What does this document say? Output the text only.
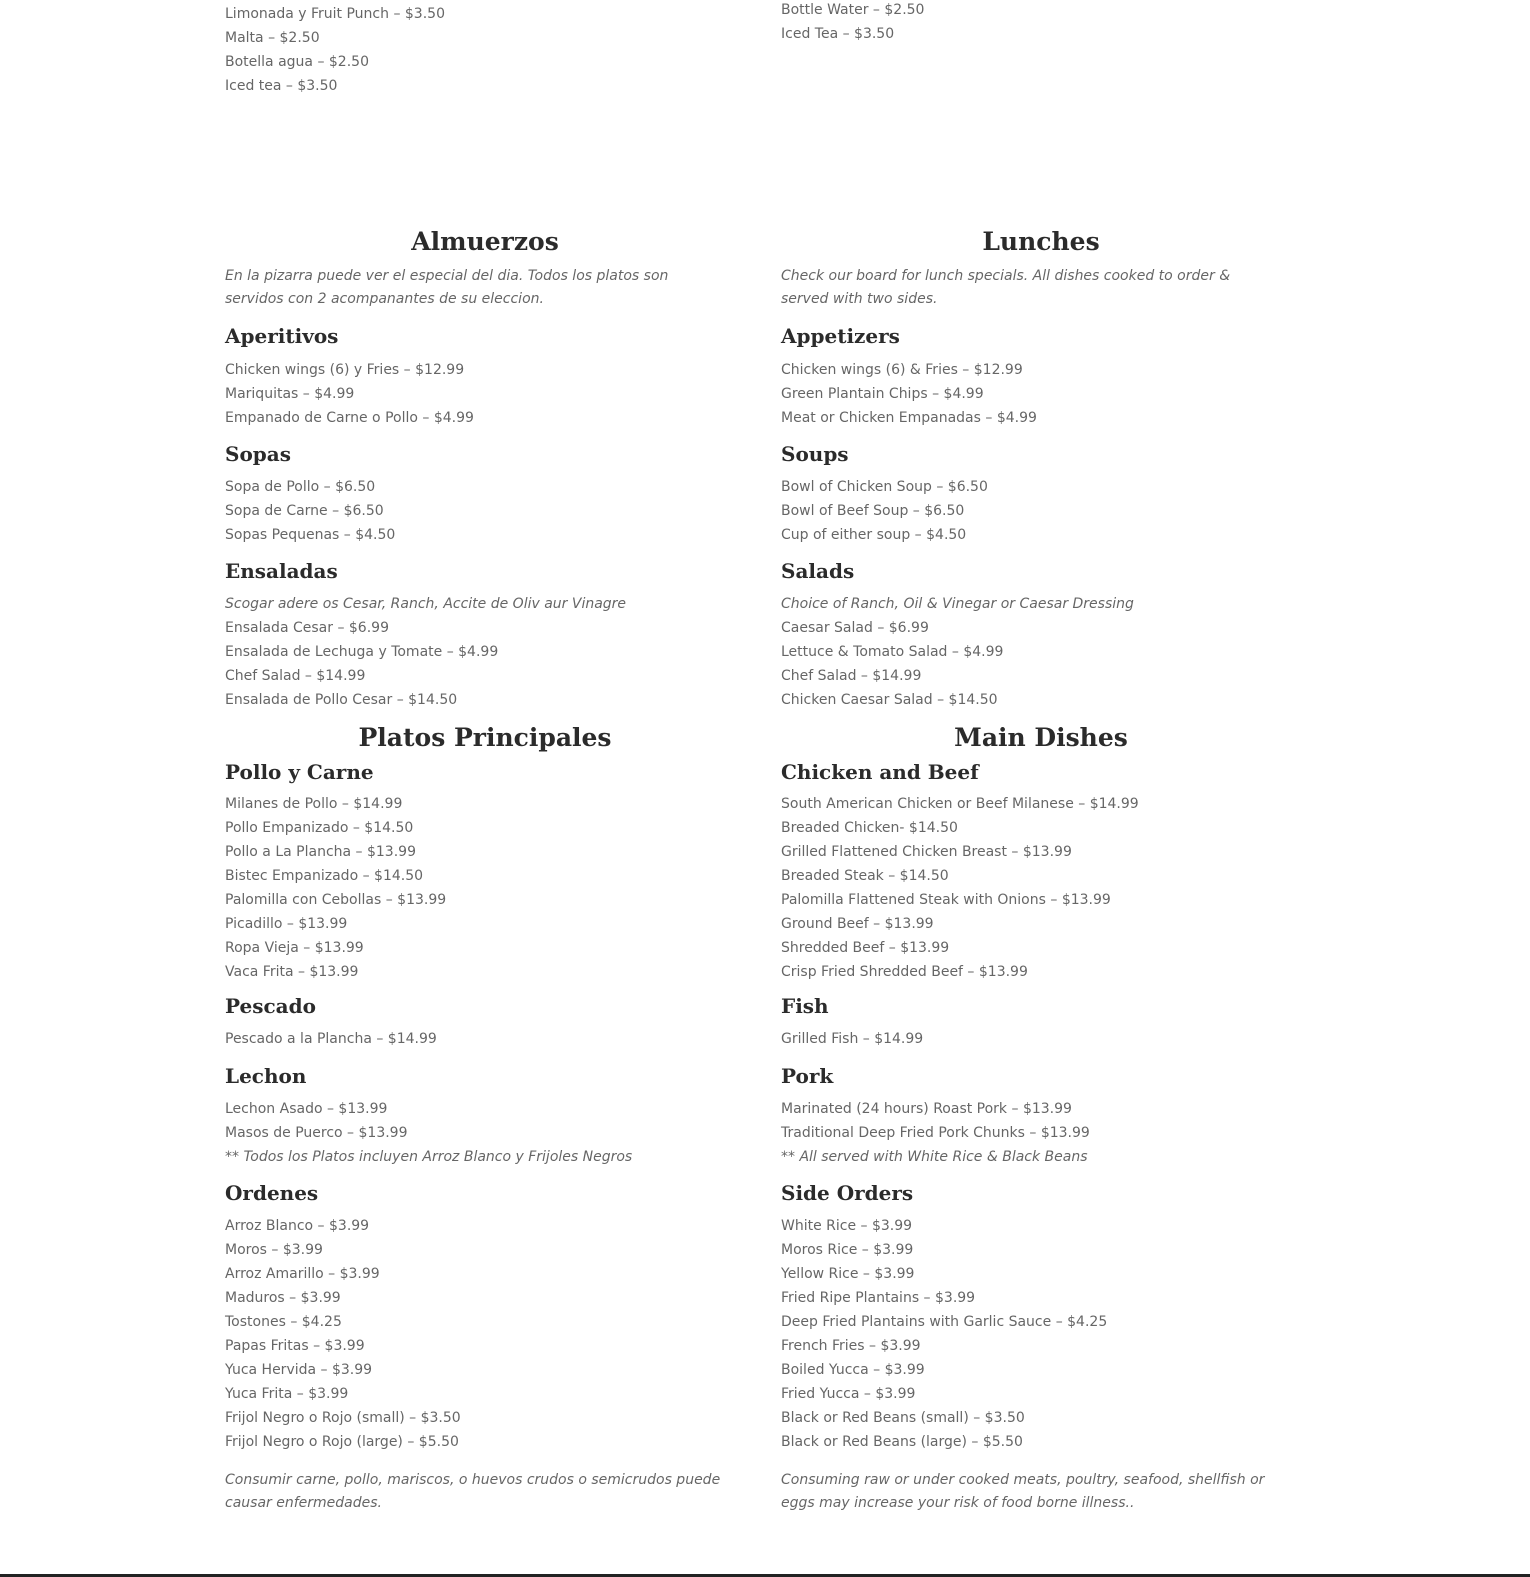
Limonada y Fruit Punch – $3.50
Malta – $2.50
Botella agua – $2.50
Iced tea – $3.50
Bottle Water – $2.50
Iced Tea – $3.50
Almuerzos
En la pizarra puede ver el especial del dia. Todos los platos son servidos con 2 acompanantes de su eleccion.
Aperitivos
Chicken wings (6) y Fries – $12.99
Mariquitas – $4.99
Empanado de Carne o Pollo – $4.99
Sopas
Sopa de Pollo – $6.50
Sopa de Carne – $6.50
Sopas Pequenas – $4.50
Ensaladas
Scogar adere os Cesar, Ranch, Accite de Oliv aur Vinagre
Ensalada Cesar – $6.99
Ensalada de Lechuga y Tomate – $4.99
Chef Salad – $14.99
Ensalada de Pollo Cesar – $14.50
Platos Principales
Pollo y Carne
Milanes de Pollo – $14.99
Pollo Empanizado – $14.50
Pollo a La Plancha – $13.99
Bistec Empanizado – $14.50
Palomilla con Cebollas – $13.99
Picadillo – $13.99
Ropa Vieja – $13.99
Vaca Frita – $13.99
Pescado
Pescado a la Plancha – $14.99
Lechon
Lechon Asado – $13.99
Masos de Puerco – $13.99
** Todos los Platos incluyen Arroz Blanco y Frijoles Negros
Ordenes
Arroz Blanco – $3.99
Moros – $3.99
Arroz Amarillo – $3.99
Maduros – $3.99
Tostones – $4.25
Papas Fritas – $3.99
Yuca Hervida – $3.99
Yuca Frita – $3.99
Frijol Negro o Rojo (small) – $3.50
Frijol Negro o Rojo (large) – $5.50
Consumir carne, pollo, mariscos, o huevos crudos o semicrudos puede causar enfermedades.
Lunches
Check our board for lunch specials. All dishes cooked to order & served with two sides.
Appetizers
Chicken wings (6) & Fries – $12.99
Green Plantain Chips – $4.99
Meat or Chicken Empanadas – $4.99
Soups
Bowl of Chicken Soup – $6.50
Bowl of Beef Soup – $6.50
Cup of either soup – $4.50
Salads
Choice of Ranch, Oil & Vinegar or Caesar Dressing
Caesar Salad – $6.99
Lettuce & Tomato Salad – $4.99
Chef Salad – $14.99
Chicken Caesar Salad – $14.50
Main Dishes
Chicken and Beef
South American Chicken or Beef Milanese – $14.99
Breaded Chicken- $14.50
Grilled Flattened Chicken Breast – $13.99
Breaded Steak – $14.50
Palomilla Flattened Steak with Onions – $13.99
Ground Beef – $13.99
Shredded Beef – $13.99
Crisp Fried Shredded Beef – $13.99
Fish
Grilled Fish – $14.99
Pork
Marinated (24 hours) Roast Pork – $13.99
Traditional Deep Fried Pork Chunks – $13.99
** All served with White Rice & Black Beans
Side Orders
White Rice – $3.99
Moros Rice – $3.99
Yellow Rice – $3.99
Fried Ripe Plantains – $3.99
Deep Fried Plantains with Garlic Sauce – $4.25
French Fries – $3.99
Boiled Yucca – $3.99
Fried Yucca – $3.99
Black or Red Beans (small) – $3.50
Black or Red Beans (large) – $5.50
Consuming raw or under cooked meats, poultry, seafood, shellfish or eggs may increase your risk of food borne illness..
